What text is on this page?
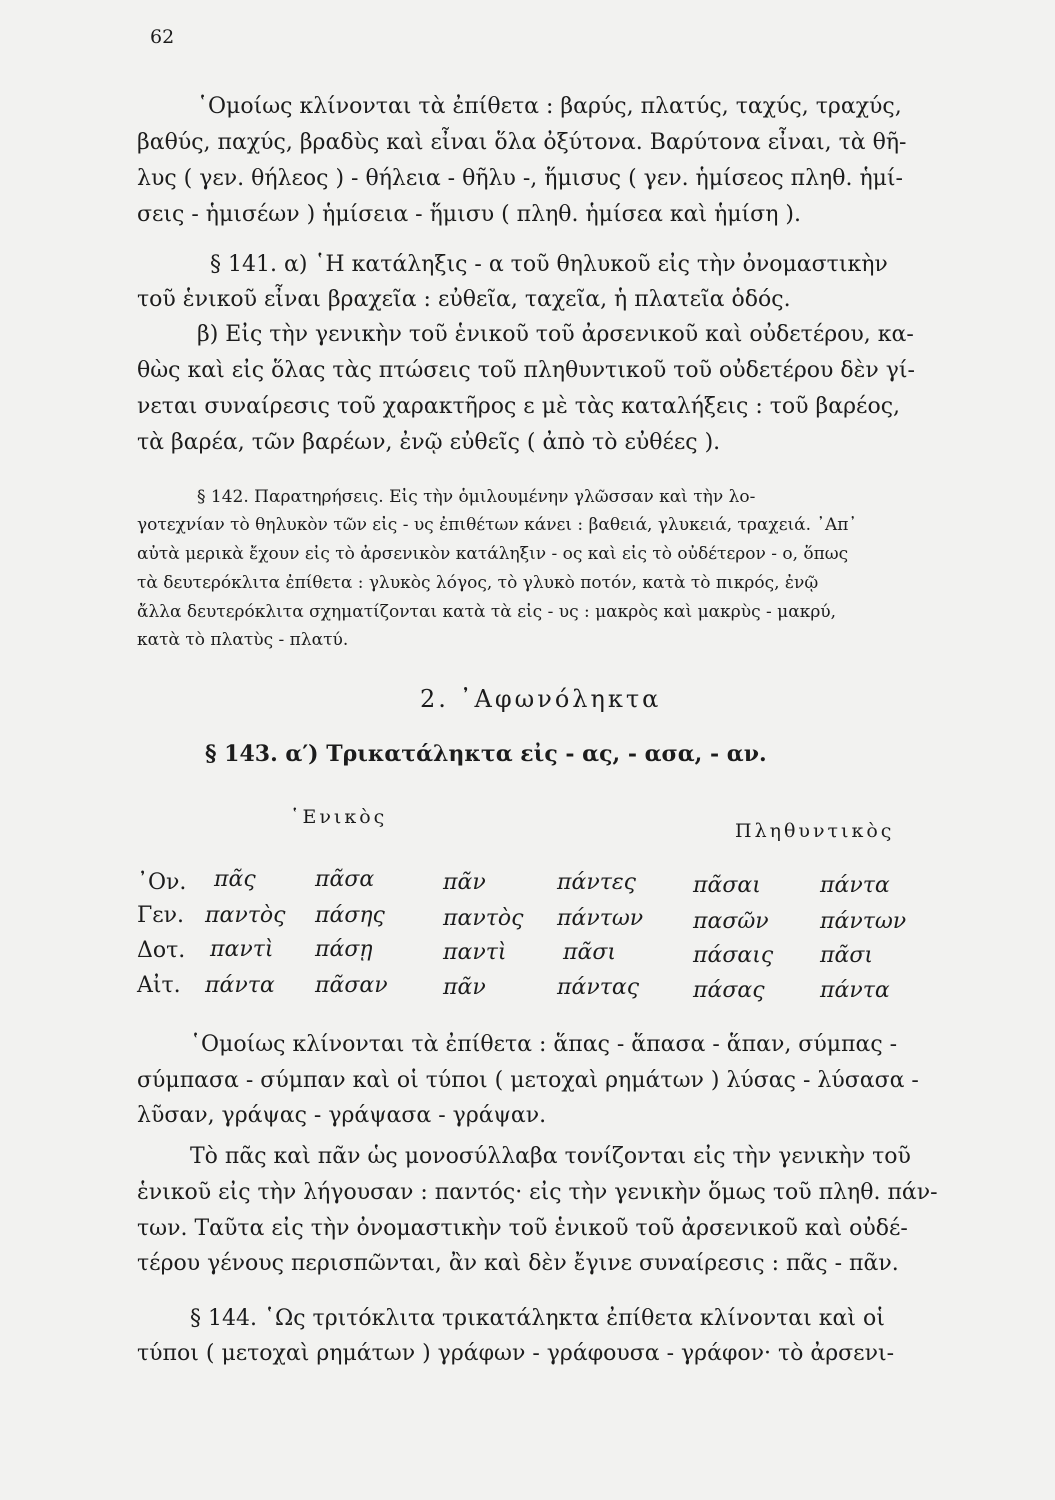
62
῾Ομοίως κλίνονται τὰ ἐπίθετα : βαρύς, πλατύς, ταχύς, τραχύς,
βαθύς, παχύς, βραδὺς καὶ εἶναι ὅλα ὀξύτονα. Βαρύτονα εἶναι, τὰ θῆ-
λυς ( γεν. θήλεος ) - θήλεια - θῆλυ -, ἥμισυς ( γεν. ἡμίσεος πληθ. ἡμί-
σεις - ἡμισέων ) ἡμίσεια - ἥμισυ ( πληθ. ἡμίσεα καὶ ἡμίση ).
§ 141. α) ῾Η κατάληξις - α τοῦ θηλυκοῦ εἰς τὴν ὀνομαστικὴν
τοῦ ἑνικοῦ εἶναι βραχεῖα : εὐθεῖα, ταχεῖα, ἡ πλατεῖα ὁδός.
β) Εἰς τὴν γενικὴν τοῦ ἑνικοῦ τοῦ ἀρσενικοῦ καὶ οὐδετέρου, κα-
θὼς καὶ εἰς ὅλας τὰς πτώσεις τοῦ πληθυντικοῦ τοῦ οὐδετέρου δὲν γί-
νεται συναίρεσις τοῦ χαρακτῆρος ε μὲ τὰς καταλήξεις : τοῦ βαρέος,
τὰ βαρέα, τῶν βαρέων, ἐνῷ εὐθεῖς ( ἀπὸ τὸ εὐθέες ).
§ 142. Παρατηρήσεις. Εἰς τὴν ὁμιλουμένην γλῶσσαν καὶ τὴν λο-
γοτεχνίαν τὸ θηλυκὸν τῶν εἰς - υς ἐπιθέτων κάνει : βαθειά, γλυκειά, τραχειά. ᾿Απ᾿
αὐτὰ μερικὰ ἔχουν εἰς τὸ ἀρσενικὸν κατάληξιν - ος καὶ εἰς τὸ οὐδέτερον - ο, ὅπως
τὰ δευτερόκλιτα ἐπίθετα : γλυκὸς λόγος, τὸ γλυκὸ ποτόν, κατὰ τὸ πικρός, ἐνῷ
ἄλλα δευτερόκλιτα σχηματίζονται κατὰ τὰ εἰς - υς : μακρὸς καὶ μακρὺς - μακρύ,
κατὰ τὸ πλατὺς - πλατύ.
2. ᾿Αφωνόληκτα
§ 143. α′) Τρικατάληκτα εἰς - ας, - ασα, - αν.
῾Ενικὸς
Πληθυντικὸς
᾿Ον. πᾶς	πᾶσα	πᾶν	πάντες	πᾶσαι	πάντα
Γεν. παντὸς πάσης	παντὸς πάντων πασῶν πάντων
Δοτ. παντὶ πάσῃ	παντὶ	πᾶσι	πάσαις πᾶσι
Αἰτ. πάντα πᾶσαν	πᾶν	πάντας πάσας	πάντα
῾Ομοίως κλίνονται τὰ ἐπίθετα : ἅπας - ἅπασα - ἅπαν, σύμπας -
σύμπασα - σύμπαν καὶ οἱ τύποι ( μετοχαὶ ρημάτων ) λύσας - λύσασα -
λῦσαν, γράψας - γράψασα - γράψαν.
Τὸ πᾶς καὶ πᾶν ὡς μονοσύλλαβα τονίζονται εἰς τὴν γενικὴν τοῦ
ἑνικοῦ εἰς τὴν λήγουσαν : παντός· εἰς τὴν γενικὴν ὅμως τοῦ πληθ. πάν-
των. Ταῦτα εἰς τὴν ὀνομαστικὴν τοῦ ἑνικοῦ τοῦ ἀρσενικοῦ καὶ οὐδέ-
τέρου γένους περισπῶνται, ἂν καὶ δὲν ἔγινε συναίρεσις : πᾶς - πᾶν.
§ 144. ῾Ως τριτόκλιτα τρικατάληκτα ἐπίθετα κλίνονται καὶ οἱ
τύποι ( μετοχαὶ ρημάτων ) γράφων - γράφουσα - γράφον· τὸ ἀρσενι-
